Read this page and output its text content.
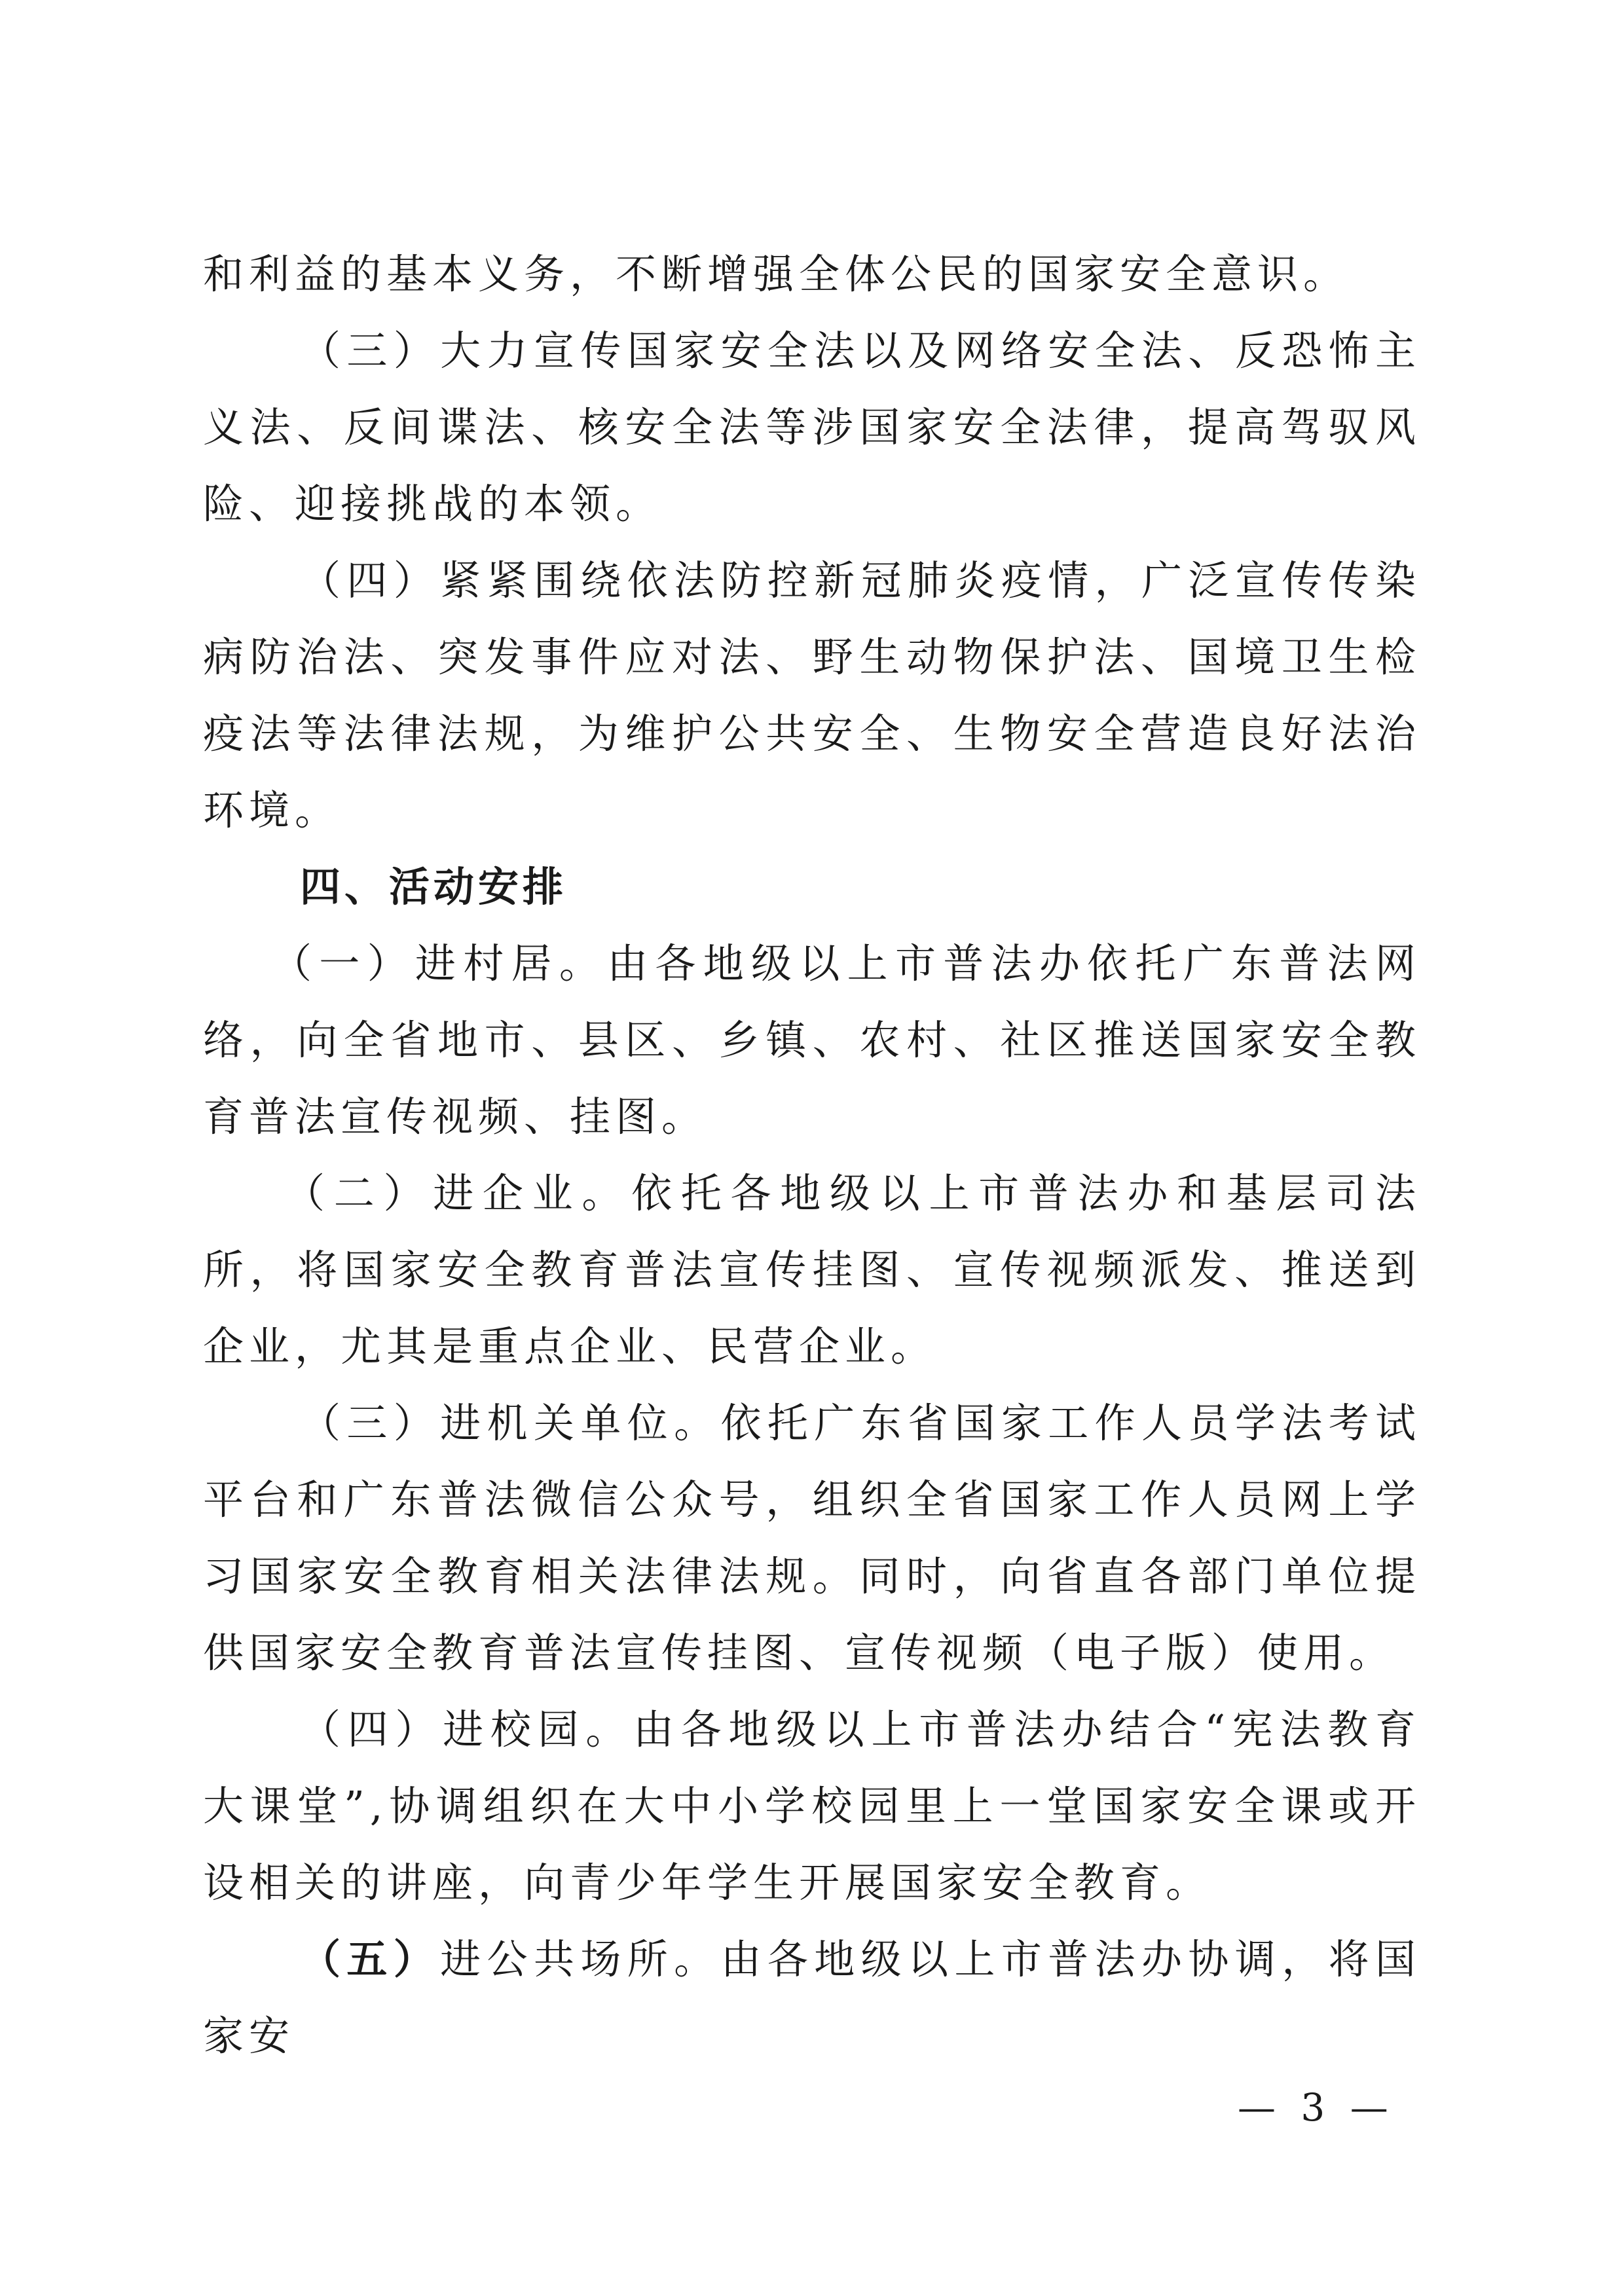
和利益的基本义务，不断增强全体公民的国家安全意识。

（三）大力宣传国家安全法以及网络安全法、反恐怖主义法、反间谍法、核安全法等涉国家安全法律，提高驾驭风险、迎接挑战的本领。

（四）紧紧围绕依法防控新冠肺炎疫情，广泛宣传传染病防治法、突发事件应对法、野生动物保护法、国境卫生检疫法等法律法规，为维护公共安全、生物安全营造良好法治环境。

四、活动安排

（一）进村居。由各地级以上市普法办依托广东普法网络，向全省地市、县区、乡镇、农村、社区推送国家安全教育普法宣传视频、挂图。

（二）进企业。依托各地级以上市普法办和基层司法所，将国家安全教育普法宣传挂图、宣传视频派发、推送到企业，尤其是重点企业、民营企业。

（三）进机关单位。依托广东省国家工作人员学法考试平台和广东普法微信公众号，组织全省国家工作人员网上学习国家安全教育相关法律法规。同时，向省直各部门单位提供国家安全教育普法宣传挂图、宣传视频（电子版）使用。

（四）进校园。由各地级以上市普法办结合“宪法教育大课堂”,协调组织在大中小学校园里上一堂国家安全课或开设相关的讲座，向青少年学生开展国家安全教育。

（五）进公共场所。由各地级以上市普法办协调，将国家安

— 3 —
